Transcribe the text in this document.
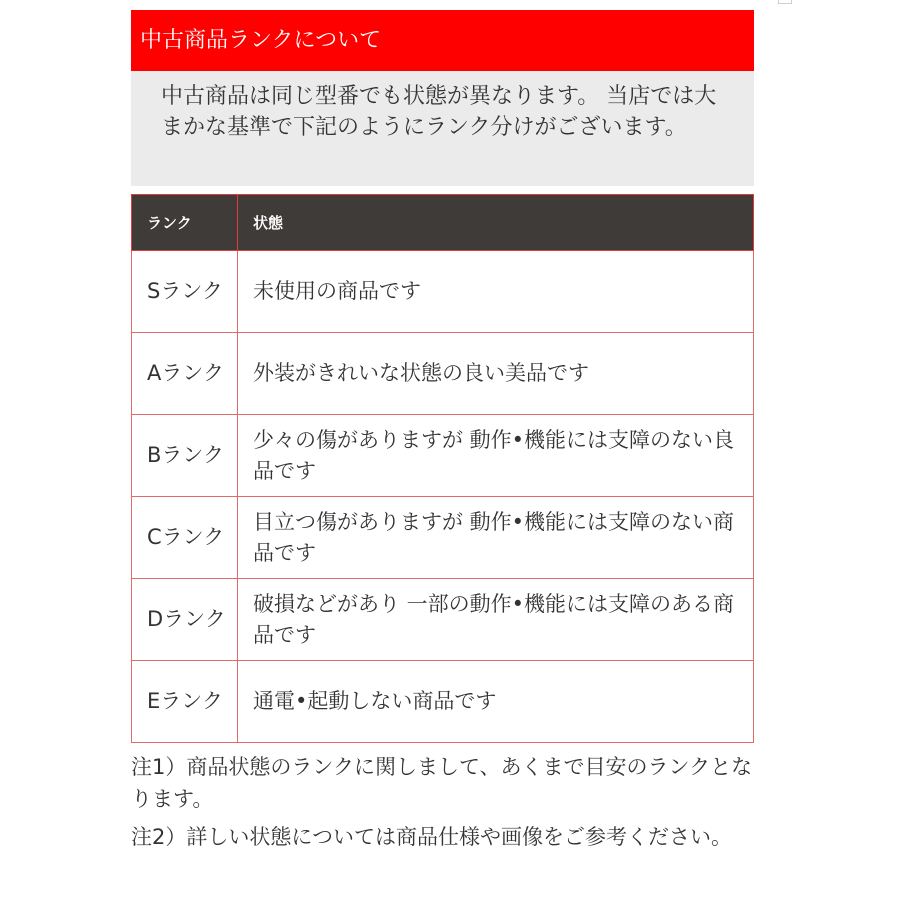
中古商品ランクについて
中古商品は同じ型番でも状態が異なります。 当店では大まかな基準で下記のようにランク分けがございます。
ランク	状態
Sランク	未使用の商品です
Aランク	外装がきれいな状態の良い美品です
Bランク	少々の傷がありますが 動作•機能には支障のない良品です
Cランク	目立つ傷がありますが 動作•機能には支障のない商品です
Dランク	破損などがあり 一部の動作•機能には支障のある商品です
Eランク	通電•起動しない商品です
注1）商品状態のランクに関しまして、あくまで目安のランクとなります。
注2）詳しい状態については商品仕様や画像をご参考ください。
